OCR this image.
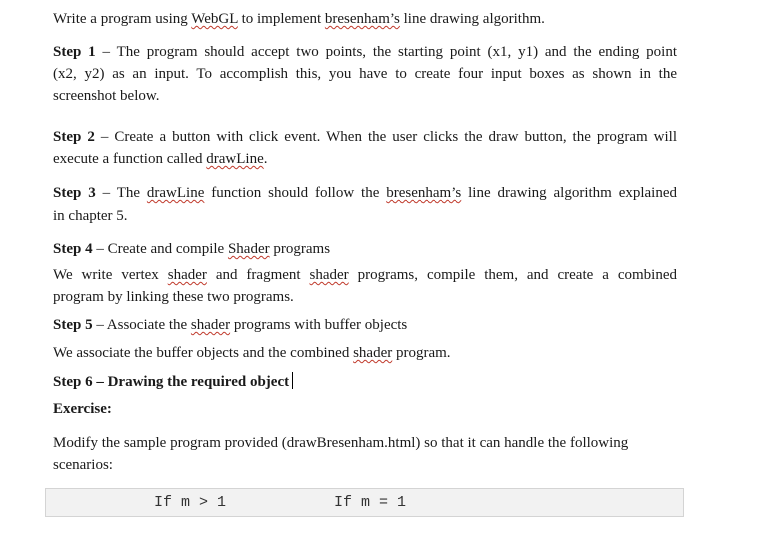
Write a program using WebGL to implement bresenham’s line drawing algorithm.
Step 1 – The program should accept two points, the starting point (x1, y1) and the ending point
(x2, y2) as an input. To accomplish this, you have to create four input boxes as shown in the
screenshot below.
Step 2 – Create a button with click event. When the user clicks the draw button, the program will
execute a function called drawLine.
Step 3 – The drawLine function should follow the bresenham’s line drawing algorithm explained
in chapter 5.
Step 4 – Create and compile Shader programs
We write vertex shader and fragment shader programs, compile them, and create a combined
program by linking these two programs.
Step 5 – Associate the shader programs with buffer objects
We associate the buffer objects and the combined shader program.
Step 6 – Drawing the required object
Exercise:
Modify the sample program provided (drawBresenham.html) so that it can handle the following
scenarios:
If m > 1	If m = 1
